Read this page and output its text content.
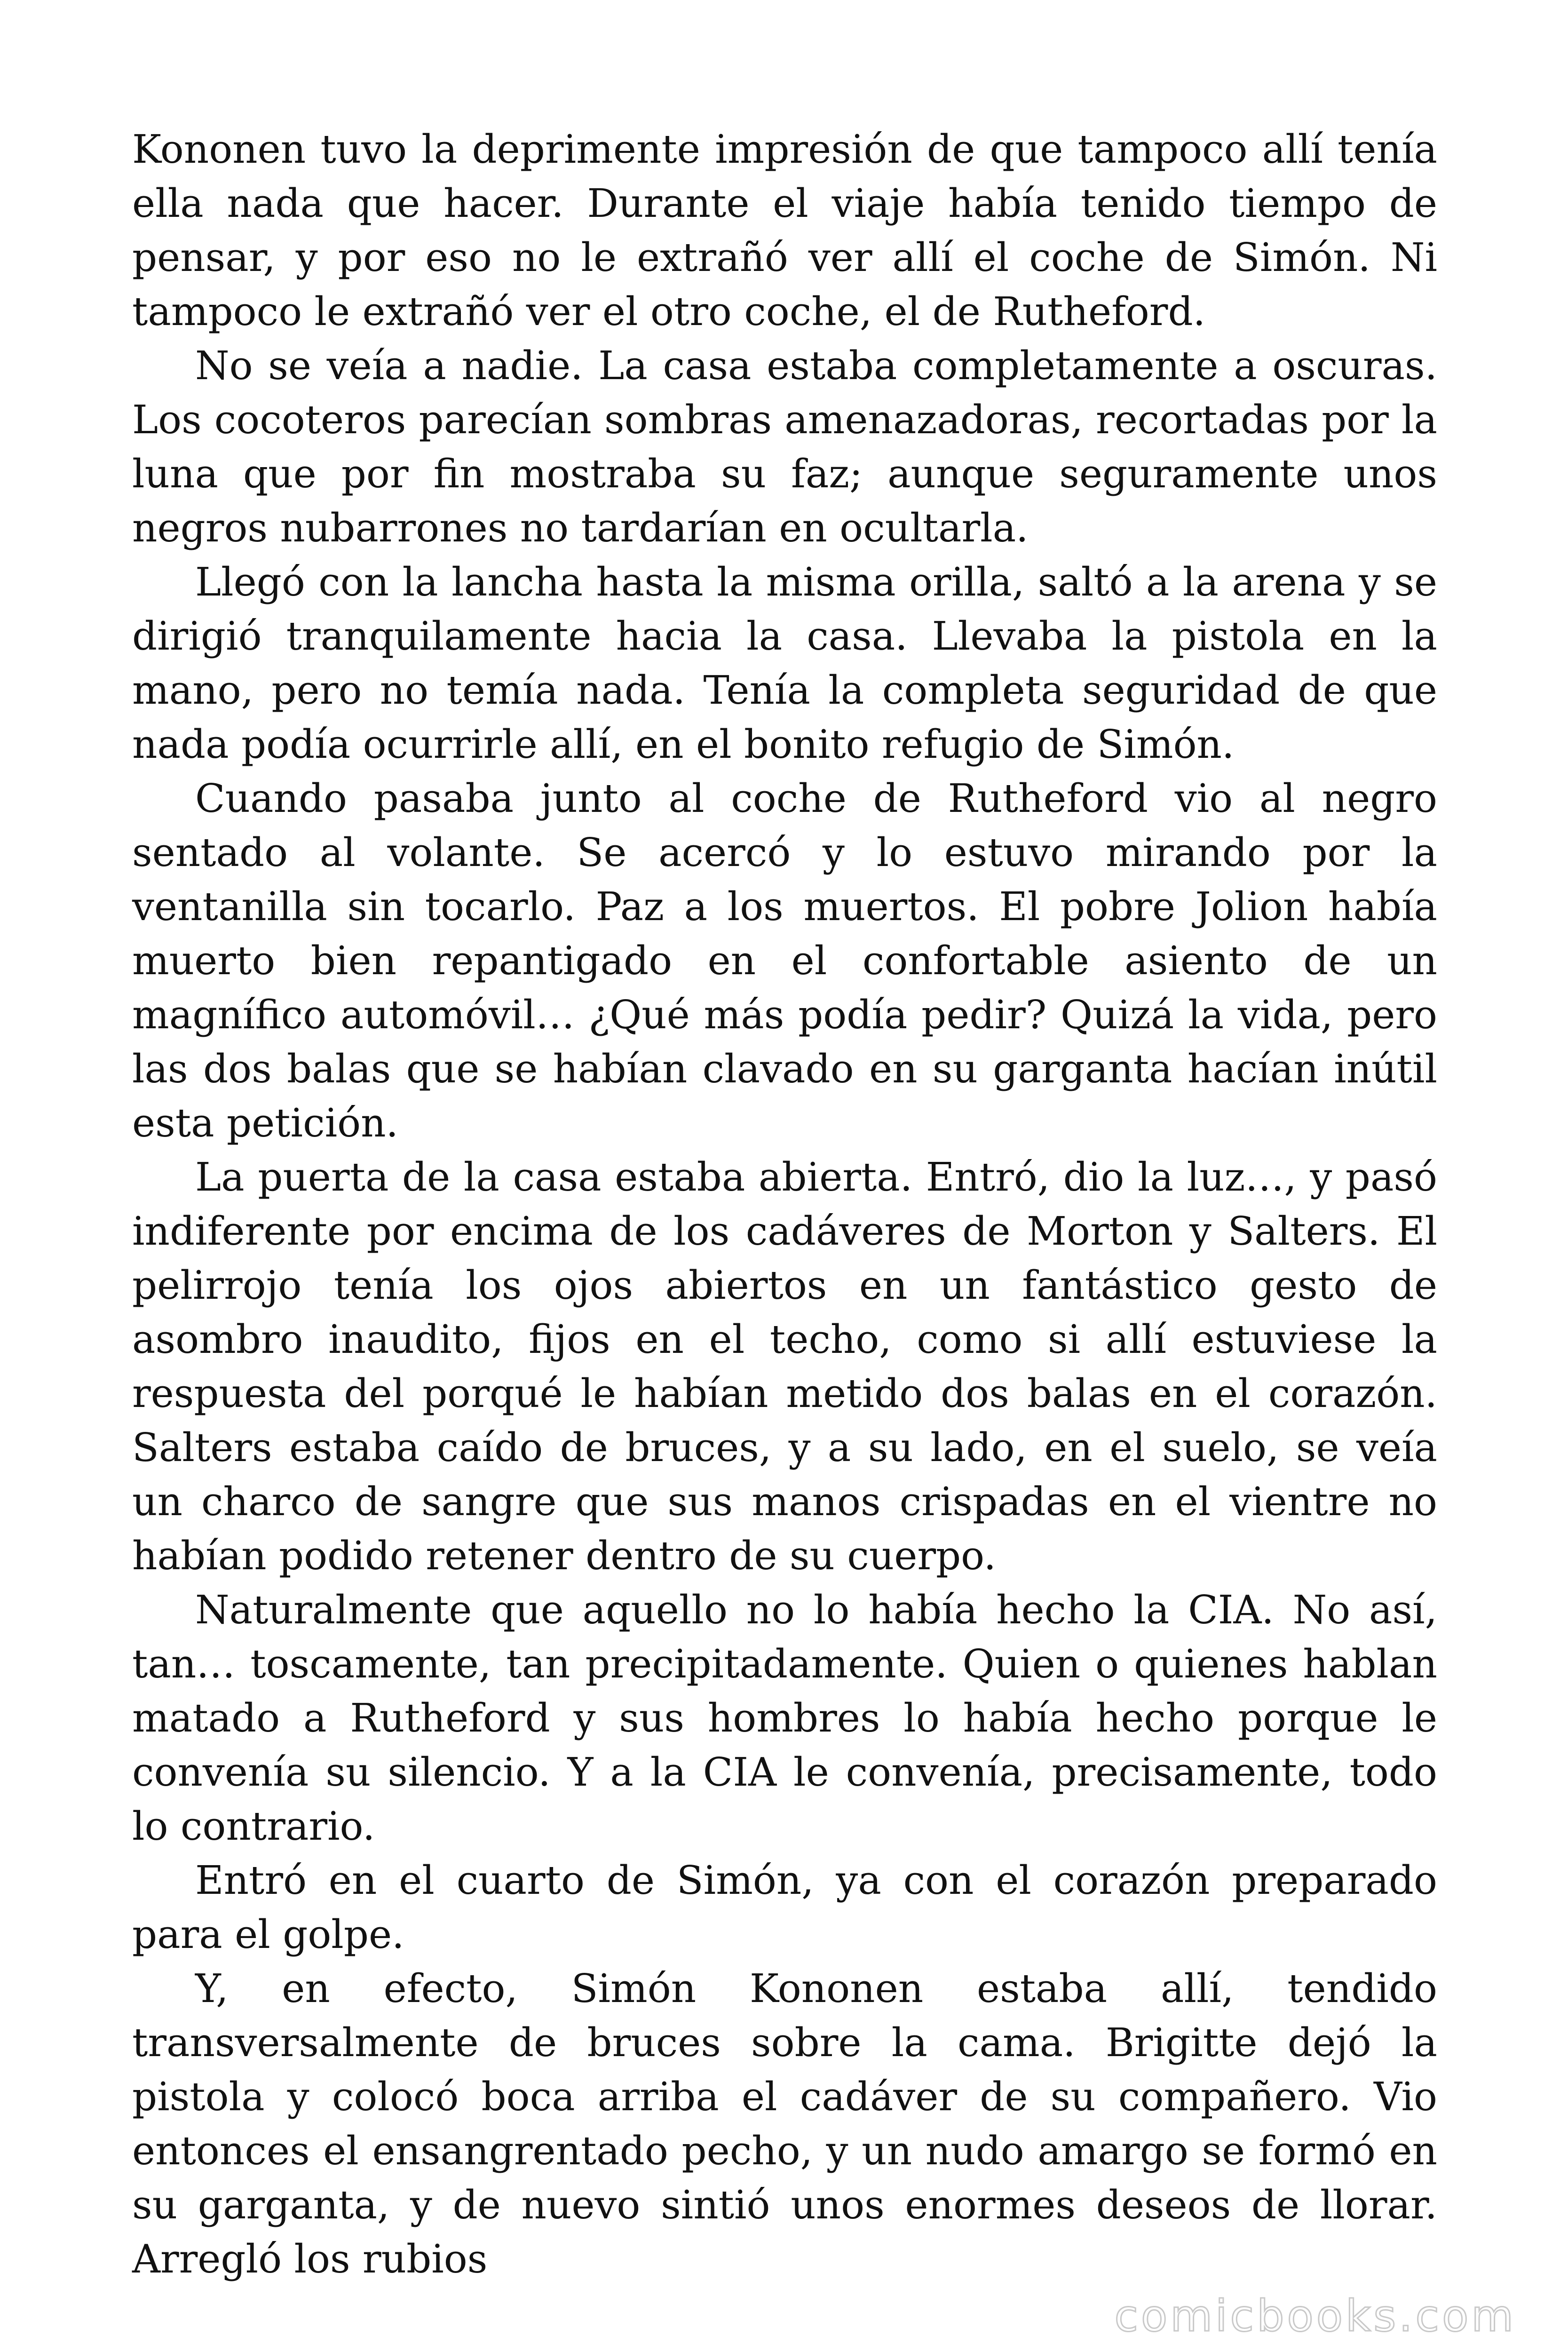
Kononen tuvo la deprimente impresión de que tampoco allí tenía ella nada que hacer. Durante el viaje había tenido tiempo de pensar, y por eso no le extrañó ver allí el coche de Simón. Ni tampoco le extrañó ver el otro coche, el de Rutheford.

No se veía a nadie. La casa estaba completamente a oscuras. Los cocoteros parecían sombras amenazadoras, recortadas por la luna que por fin mostraba su faz; aunque seguramente unos negros nubarrones no tardarían en ocultarla.

Llegó con la lancha hasta la misma orilla, saltó a la arena y se dirigió tranquilamente hacia la casa. Llevaba la pistola en la mano, pero no temía nada. Tenía la completa seguridad de que nada podía ocurrirle allí, en el bonito refugio de Simón.

Cuando pasaba junto al coche de Rutheford vio al negro sentado al volante. Se acercó y lo estuvo mirando por la ventanilla sin tocarlo. Paz a los muertos. El pobre Jolion había muerto bien repantigado en el confortable asiento de un magnífico automóvil… ¿Qué más podía pedir? Quizá la vida, pero las dos balas que se habían clavado en su garganta hacían inútil esta petición.

La puerta de la casa estaba abierta. Entró, dio la luz…, y pasó indiferente por encima de los cadáveres de Morton y Salters. El pelirrojo tenía los ojos abiertos en un fantástico gesto de asombro inaudito, fijos en el techo, como si allí estuviese la respuesta del porqué le habían metido dos balas en el corazón. Salters estaba caído de bruces, y a su lado, en el suelo, se veía un charco de sangre que sus manos crispadas en el vientre no habían podido retener dentro de su cuerpo.

Naturalmente que aquello no lo había hecho la CIA. No así, tan… toscamente, tan precipitadamente. Quien o quienes hablan matado a Rutheford y sus hombres lo había hecho porque le convenía su silencio. Y a la CIA le convenía, precisamente, todo lo contrario.

Entró en el cuarto de Simón, ya con el corazón preparado para el golpe.

Y, en efecto, Simón Kononen estaba allí, tendido transversalmente de bruces sobre la cama. Brigitte dejó la pistola y colocó boca arriba el cadáver de su compañero. Vio entonces el ensangrentado pecho, y un nudo amargo se formó en su garganta, y de nuevo sintió unos enormes deseos de llorar. Arregló los rubios

comicbooks.com
